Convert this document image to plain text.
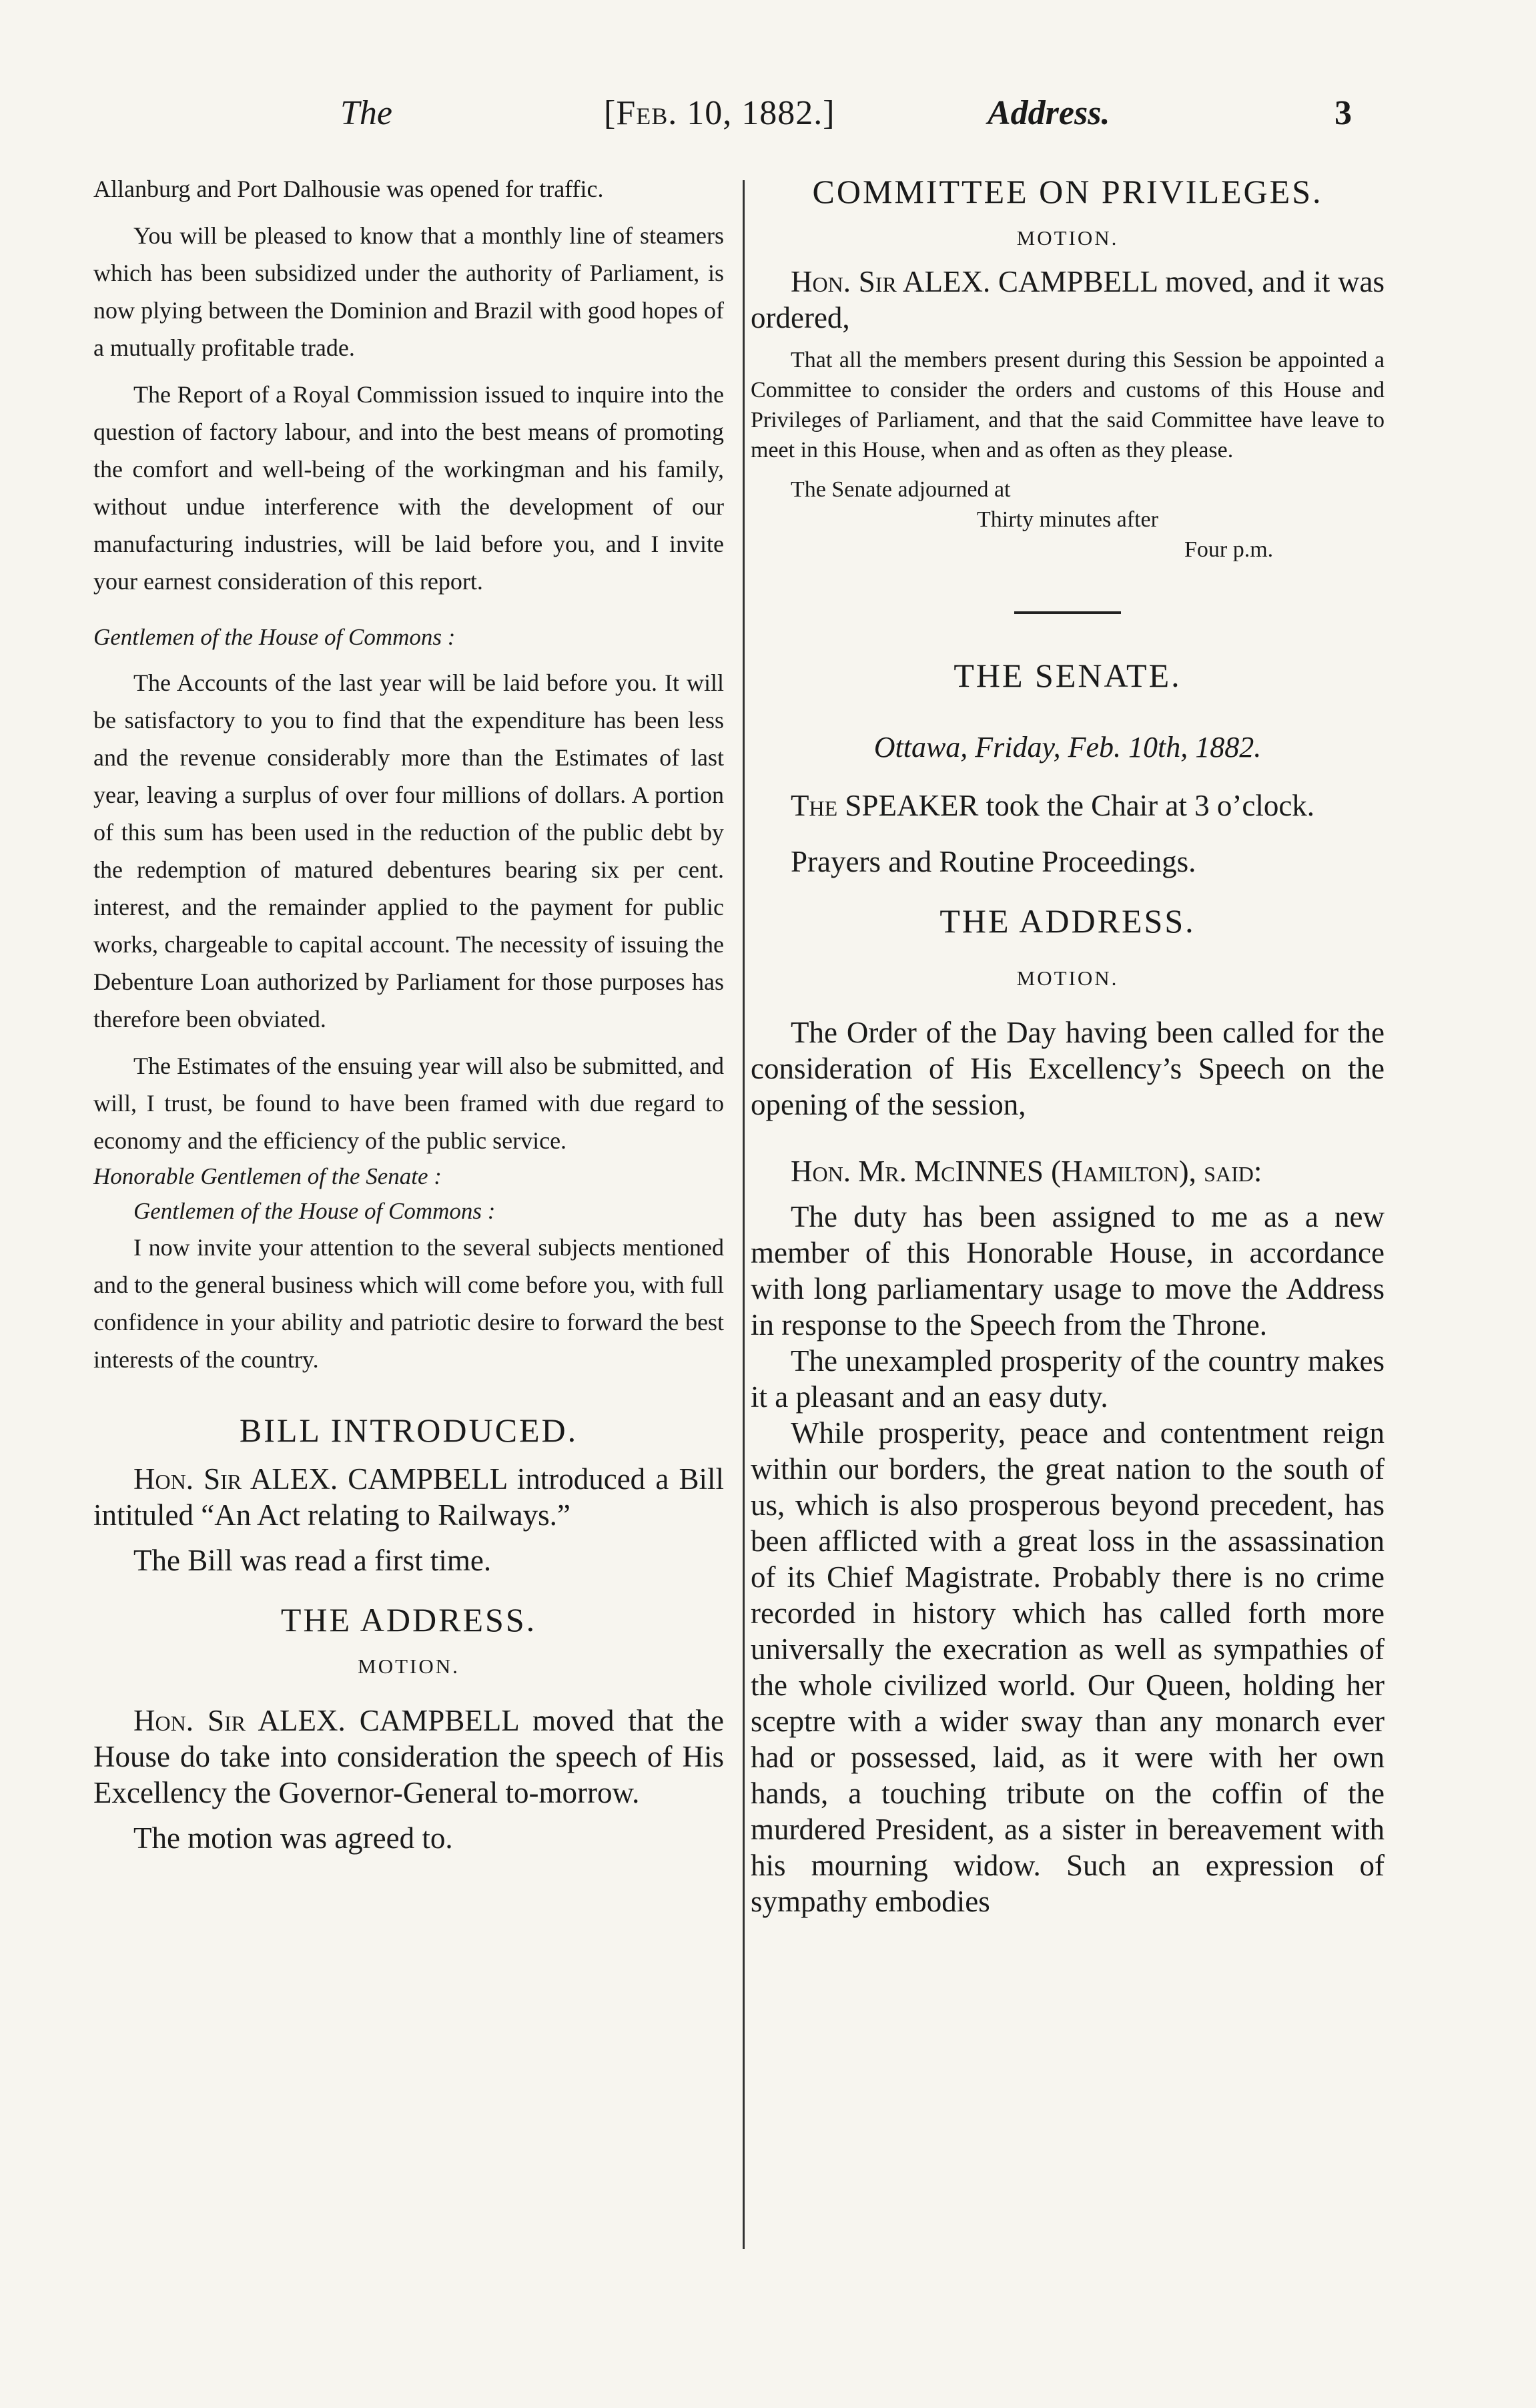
The	[Feb. 10, 1882.]	Address.	3

Allanburg and Port Dalhousie was opened for traffic.

You will be pleased to know that a monthly line of steamers which has been subsidized under the authority of Parliament, is now plying between the Dominion and Brazil with good hopes of a mutually profitable trade.

The Report of a Royal Commission issued to inquire into the question of factory labour, and into the best means of promoting the comfort and well-being of the workingman and his family, without undue interference with the development of our manufacturing industries, will be laid before you, and I invite your earnest consideration of this report.

Gentlemen of the House of Commons :

The Accounts of the last year will be laid before you. It will be satisfactory to you to find that the expenditure has been less and the revenue considerably more than the Estimates of last year, leaving a surplus of over four millions of dollars. A portion of this sum has been used in the reduction of the public debt by the redemption of matured debentures bearing six per cent. interest, and the remainder applied to the payment for public works, chargeable to capital account. The necessity of issuing the Debenture Loan authorized by Parliament for those purposes has therefore been obviated.

The Estimates of the ensuing year will also be submitted, and will, I trust, be found to have been framed with due regard to economy and the efficiency of the public service.

Honorable Gentlemen of the Senate :

Gentlemen of the House of Commons :

I now invite your attention to the several subjects mentioned and to the general business which will come before you, with full confidence in your ability and patriotic desire to forward the best interests of the country.

BILL INTRODUCED.

Hon. Sir ALEX. CAMPBELL introduced a Bill intituled “An Act relating to Railways.”

The Bill was read a first time.

THE ADDRESS.
MOTION.

Hon. Sir ALEX. CAMPBELL moved that the House do take into consideration the speech of His Excellency the Governor-General to-morrow.

The motion was agreed to.

COMMITTEE ON PRIVILEGES.
MOTION.

Hon. Sir ALEX. CAMPBELL moved, and it was ordered,

That all the members present during this Session be appointed a Committee to consider the orders and customs of this House and Privileges of Parliament, and that the said Committee have leave to meet in this House, when and as often as they please.

The Senate adjourned at

Thirty minutes after

Four p.m.

THE SENATE.

Ottawa, Friday, Feb. 10th, 1882.

The SPEAKER took the Chair at 3 o’clock.

Prayers and Routine Proceedings.

THE ADDRESS.
MOTION.

The Order of the Day having been called for the consideration of His Excellency’s Speech on the opening of the session,

Hon. Mr. McINNES (Hamilton), said:

The duty has been assigned to me as a new member of this Honorable House, in accordance with long parliamentary usage to move the Address in response to the Speech from the Throne.

The unexampled prosperity of the country makes it a pleasant and an easy duty.

While prosperity, peace and contentment reign within our borders, the great nation to the south of us, which is also prosperous beyond precedent, has been afflicted with a great loss in the assassination of its Chief Magistrate. Probably there is no crime recorded in history which has called forth more universally the execration as well as sympathies of the whole civilized world. Our Queen, holding her sceptre with a wider sway than any monarch ever had or possessed, laid, as it were with her own hands, a touching tribute on the coffin of the murdered President, as a sister in bereavement with his mourning widow. Such an expression of sympathy embodies
